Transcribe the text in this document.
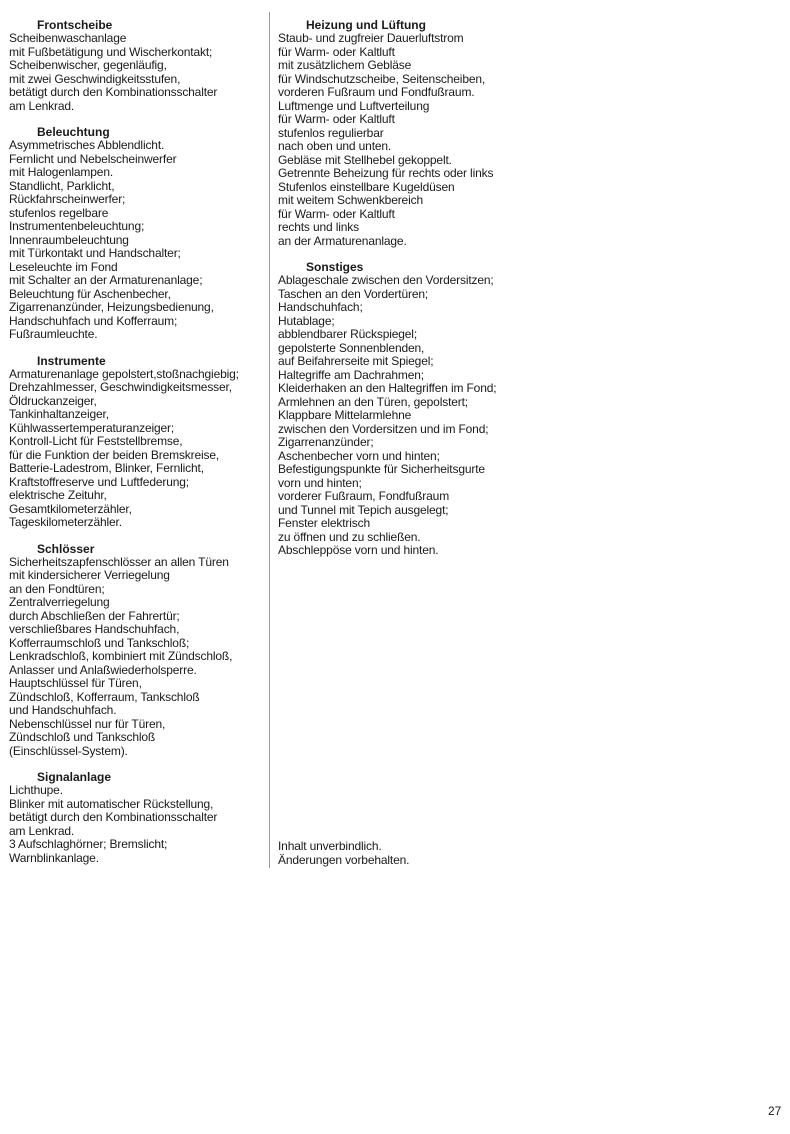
Frontscheibe
Scheibenwaschanlage
mit Fußbetätigung und Wischerkontakt;
Scheibenwischer, gegenläufig,
mit zwei Geschwindigkeitsstufen,
betätigt durch den Kombinationsschalter
am Lenkrad.
Beleuchtung
Asymmetrisches Abblendlicht.
Fernlicht und Nebelscheinwerfer
mit Halogenlampen.
Standlicht, Parklicht,
Rückfahrscheinwerfer;
stufenlos regelbare
Instrumentenbeleuchtung;
Innenraumbeleuchtung
mit Türkontakt und Handschalter;
Leseleuchte im Fond
mit Schalter an der Armaturenanlage;
Beleuchtung für Aschenbecher,
Zigarrenanzünder, Heizungsbedienung,
Handschuhfach und Kofferraum;
Fußraumleuchte.
Instrumente
Armaturenanlage gepolstert,stoßnachgiebig;
Drehzahlmesser, Geschwindigkeitsmesser,
Öldruckanzeiger,
Tankinhaltanzeiger,
Kühlwassertemperaturanzeiger;
Kontroll-Licht für Feststellbremse,
für die Funktion der beiden Bremskreise,
Batterie-Ladestrom, Blinker, Fernlicht,
Kraftstoffreserve und Luftfederung;
elektrische Zeituhr,
Gesamtkilometerzähler,
Tageskilometerzähler.
Schlösser
Sicherheitszapfenschlösser an allen Türen
mit kindersicherer Verriegelung
an den Fondtüren;
Zentralverriegelung
durch Abschließen der Fahrertür;
verschließbares Handschuhfach,
Kofferraumschloß und Tankschloß;
Lenkradschloß, kombiniert mit Zündschloß,
Anlasser und Anlaßwiederholsperre.
Hauptschlüssel für Türen,
Zündschloß, Kofferraum, Tankschloß
und Handschuhfach.
Nebenschlüssel nur für Türen,
Zündschloß und Tankschloß
(Einschlüssel-System).
Signalanlage
Lichthupe.
Blinker mit automatischer Rückstellung,
betätigt durch den Kombinationsschalter
am Lenkrad.
3 Aufschlaghörner; Bremslicht;
Warnblinkanlage.
Heizung und Lüftung
Staub- und zugfreier Dauerluftstrom
für Warm- oder Kaltluft
mit zusätzlichem Gebläse
für Windschutzscheibe, Seitenscheiben,
vorderen Fußraum und Fondfußraum.
Luftmenge und Luftverteilung
für Warm- oder Kaltluft
stufenlos regulierbar
nach oben und unten.
Gebläse mit Stellhebel gekoppelt.
Getrennte Beheizung für rechts oder links
Stufenlos einstellbare Kugeldüsen
mit weitem Schwenkbereich
für Warm- oder Kaltluft
rechts und links
an der Armaturenanlage.
Sonstiges
Ablageschale zwischen den Vordersitzen;
Taschen an den Vordertüren;
Handschuhfach;
Hutablage;
abblendbarer Rückspiegel;
gepolsterte Sonnenblenden,
auf Beifahrerseite mit Spiegel;
Haltegriffe am Dachrahmen;
Kleiderhaken an den Haltegriffen im Fond;
Armlehnen an den Türen, gepolstert;
Klappbare Mittelarmlehne
zwischen den Vordersitzen und im Fond;
Zigarrenanzünder;
Aschenbecher vorn und hinten;
Befestigungspunkte für Sicherheitsgurte
vorn und hinten;
vorderer Fußraum, Fondfußraum
und Tunnel mit Tepich ausgelegt;
Fenster elektrisch
zu öffnen und zu schließen.
Abschleppöse vorn und hinten.
Inhalt unverbindlich.
Änderungen vorbehalten.
27
